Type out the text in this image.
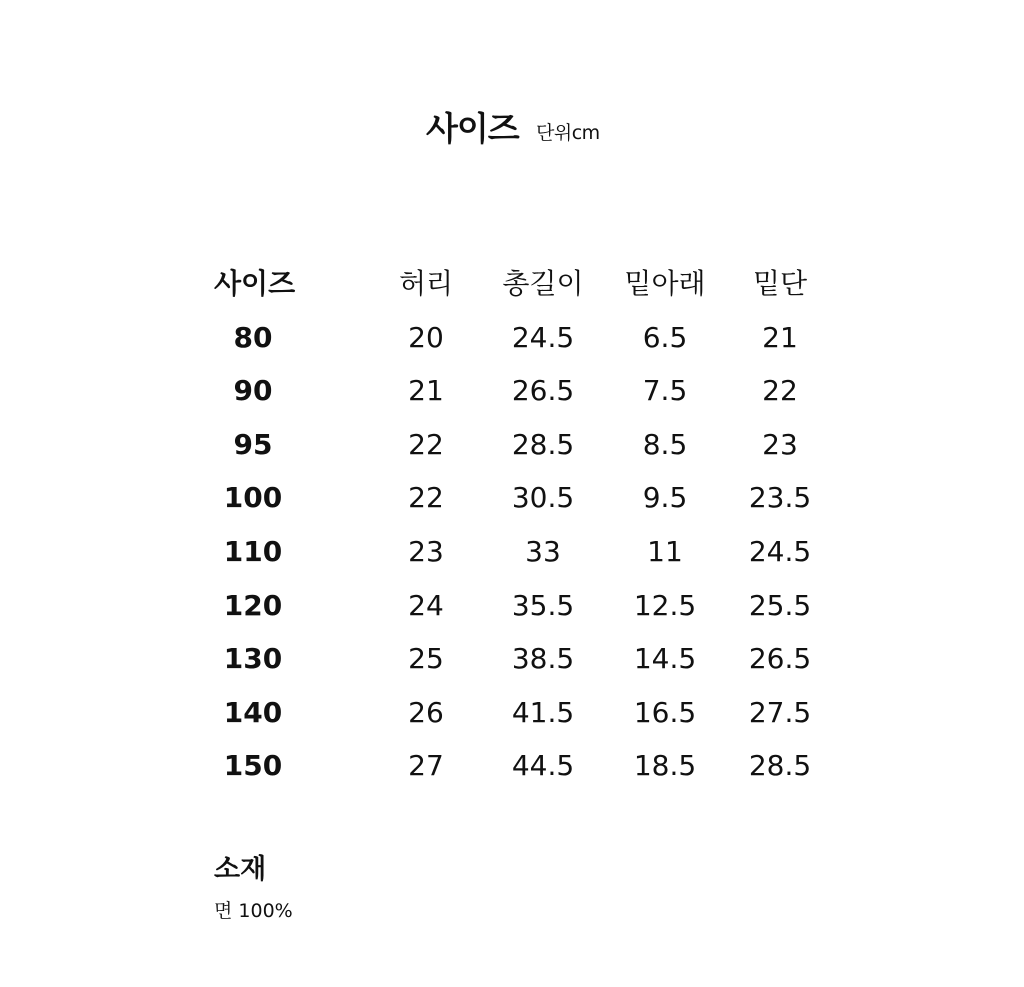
사이즈 단위cm
사이즈	허리 총길이 밑아래 밑단
80	20 24.5 6.5	21
90	21 26.5 7.5	22
95	22 28.5 8.5	23
100	22 30.5 9.5 23.5
110	23	33	11 24.5
120	24 35.5 12.5 25.5
130	25 38.5 14.5 26.5
140	26 41.5 16.5 27.5
150	27 44.5 18.5 28.5
소재
면 100%
